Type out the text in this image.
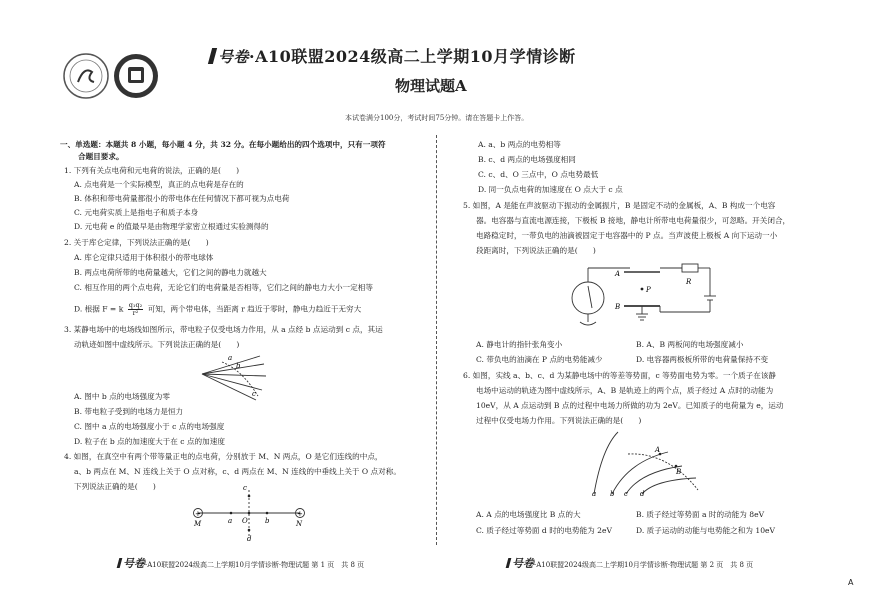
号卷·A10联盟2024级高二上学期10月学情诊断
物理试题A
本试卷满分100分，考试时间75分钟。请在答题卡上作答。
一、单选题：本题共 8 小题，每小题 4 分，共 32 分。在每小题给出的四个选项中，只有一项符
合题目要求。
1. 下列有关点电荷和元电荷的说法，正确的是(　　)
A. 点电荷是一个实际模型，真正的点电荷是存在的
B. 体积和带电荷量都很小的带电体在任何情况下都可视为点电荷
C. 元电荷实质上是指电子和质子本身
D. 元电荷 e 的值最早是由物理学家密立根通过实验测得的
2. 关于库仑定律，下列说法正确的是(　　)
A. 库仑定律只适用于体积很小的带电球体
B. 两点电荷所带的电荷量越大，它们之间的静电力就越大
C. 相互作用的两个点电荷，无论它们的电荷量是否相等，它们之间的静电力大小一定相等
D. 根据 F = k $\frac{\text{q₁q₂}}{\text{r²}}$ 可知，两个带电体，当距离 r 趋近于零时，静电力趋近于无穷大
3. 某静电场中的电场线如图所示，带电粒子仅受电场力作用，从 a 点经 b 点运动到 c 点，其运
动轨迹如图中虚线所示。下列说法正确的是(　　)
a
b
c
A. 图中 b 点的电场强度为零
B. 带电粒子受到的电场力是恒力
C. 图中 a 点的电场强度小于 c 点的电场强度
D. 粒子在 b 点的加速度大于在 c 点的加速度
4. 如图，在真空中有两个带等量正电的点电荷，分别放于 M、N 两点，O 是它们连线的中点，
a、b 两点在 M、N 连线上关于 O 点对称，c、d 两点在 M、N 连线的中垂线上关于 O 点对称。
下列说法正确的是(　　)
+	+
M	a O b	N
c
d
A. a、b 两点的电势相等
B. c、d 两点的电场强度相同
C. c、d、O 三点中，O 点电势最低
D. 同一负点电荷的加速度在 O 点大于 c 点
5. 如图，A 是能在声波驱动下振动的金属振片，B 是固定不动的金属板，A、B 构成一个电容
器。电容器与直流电源连接，下极板 B 接地，静电计所带电电荷量很少，可忽略。开关闭合，
电路稳定时，一带负电的油滴被固定于电容器中的 P 点。当声波使上极板 A 向下运动一小
段距离时，下列说法正确的是(　　)
A
B
P
R
A. 静电计的指针张角变小	B. A、B 两板间的电场强度减小
C. 带负电的油滴在 P 点的电势能减少	D. 电容器两极板所带的电荷量保持不变
6. 如图，实线 a、b、c、d 为某静电场中的等差等势面，c 等势面电势为零。一个质子在该静
电场中运动的轨迹为图中虚线所示，A、B 是轨迹上的两个点，质子经过 A 点时的动能为
10eV，从 A 点运动到 B 点的过程中电场力所做的功为 2eV。已知质子的电荷量为 e，运动
过程中仅受电场力作用。下列说法正确的是(　　)
A
B
a b c d
A. A 点的电场强度比 B 点的大	B. 质子经过等势面 a 时的动能为 8eV
C. 质子经过等势面 d 时的电势能为 2eV	D. 质子运动的动能与电势能之和为 10eV
号卷·A10联盟2024级高二上学期10月学情诊断·物理试题 第 1 页　共 8 页	号卷·A10联盟2024级高二上学期10月学情诊断·物理试题 第 2 页　共 8 页
A
